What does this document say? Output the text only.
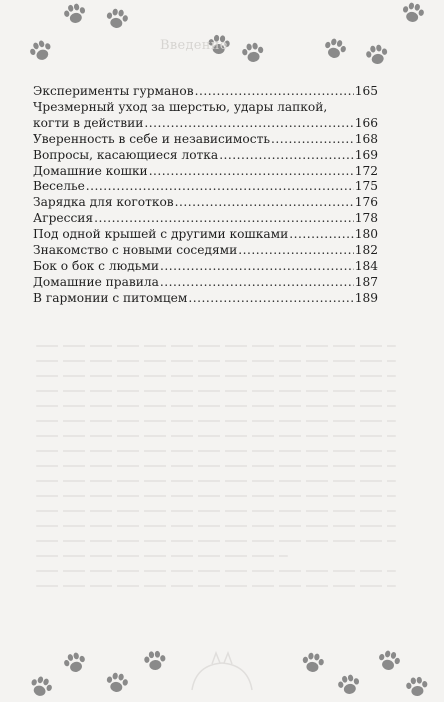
Введение
Эксперименты гурманов .....	165
Чрезмерный уход за шерстью, удары лапкой,
когти в действии .....	166
Уверенность в себе и независимость .....	168
Вопросы, касающиеся лотка .....	169
Домашние кошки .....	172
Веселье .....	175
Зарядка для коготков .....	176
Агрессия .....	178
Под одной крышей с другими кошками .....	180
Знакомство с новыми соседями .....	182
Бок о бок с людьми .....	184
Домашние правила .....	187
В гармонии с питомцем .....	189
